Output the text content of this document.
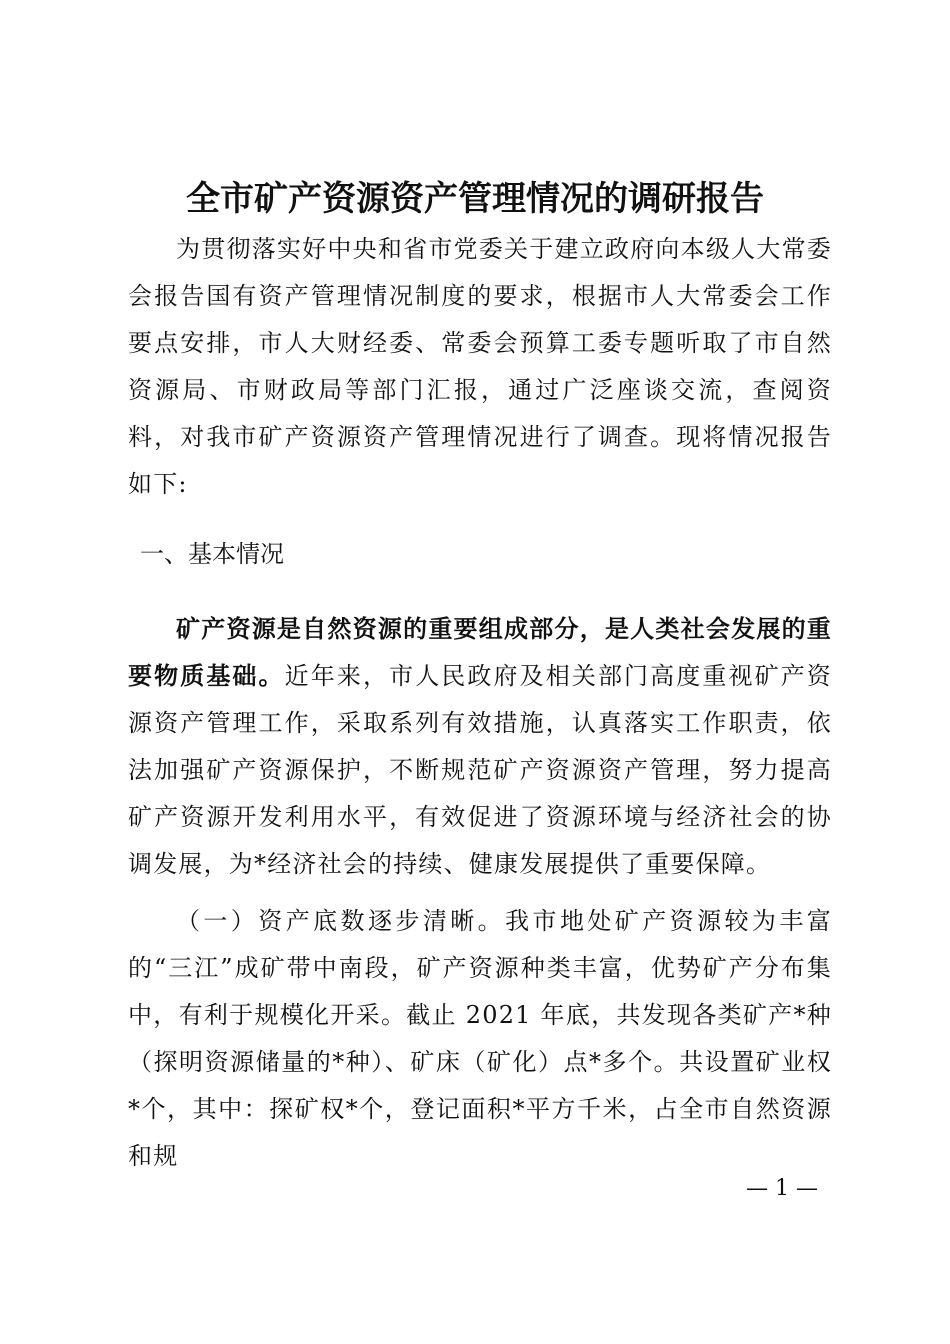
全市矿产资源资产管理情况的调研报告
为贯彻落实好中央和省市党委关于建立政府向本级人大常委会报告国有资产管理情况制度的要求，根据市人大常委会工作要点安排，市人大财经委、常委会预算工委专题听取了市自然资源局、市财政局等部门汇报，通过广泛座谈交流，查阅资料，对我市矿产资源资产管理情况进行了调查。现将情况报告如下:
一、基本情况
矿产资源是自然资源的重要组成部分，是人类社会发展的重要物质基础。近年来，市人民政府及相关部门高度重视矿产资源资产管理工作，采取系列有效措施，认真落实工作职责，依法加强矿产资源保护，不断规范矿产资源资产管理，努力提高矿产资源开发利用水平，有效促进了资源环境与经济社会的协调发展，为*经济社会的持续、健康发展提供了重要保障。
（一）资产底数逐步清晰。我市地处矿产资源较为丰富的“三江”成矿带中南段，矿产资源种类丰富，优势矿产分布集中，有利于规模化开采。截止 2021 年底，共发现各类矿产*种（探明资源储量的*种）、矿床（矿化）点*多个。共设置矿业权*个，其中：探矿权*个，登记面积*平方千米，占全市自然资源和规
— 1 —
